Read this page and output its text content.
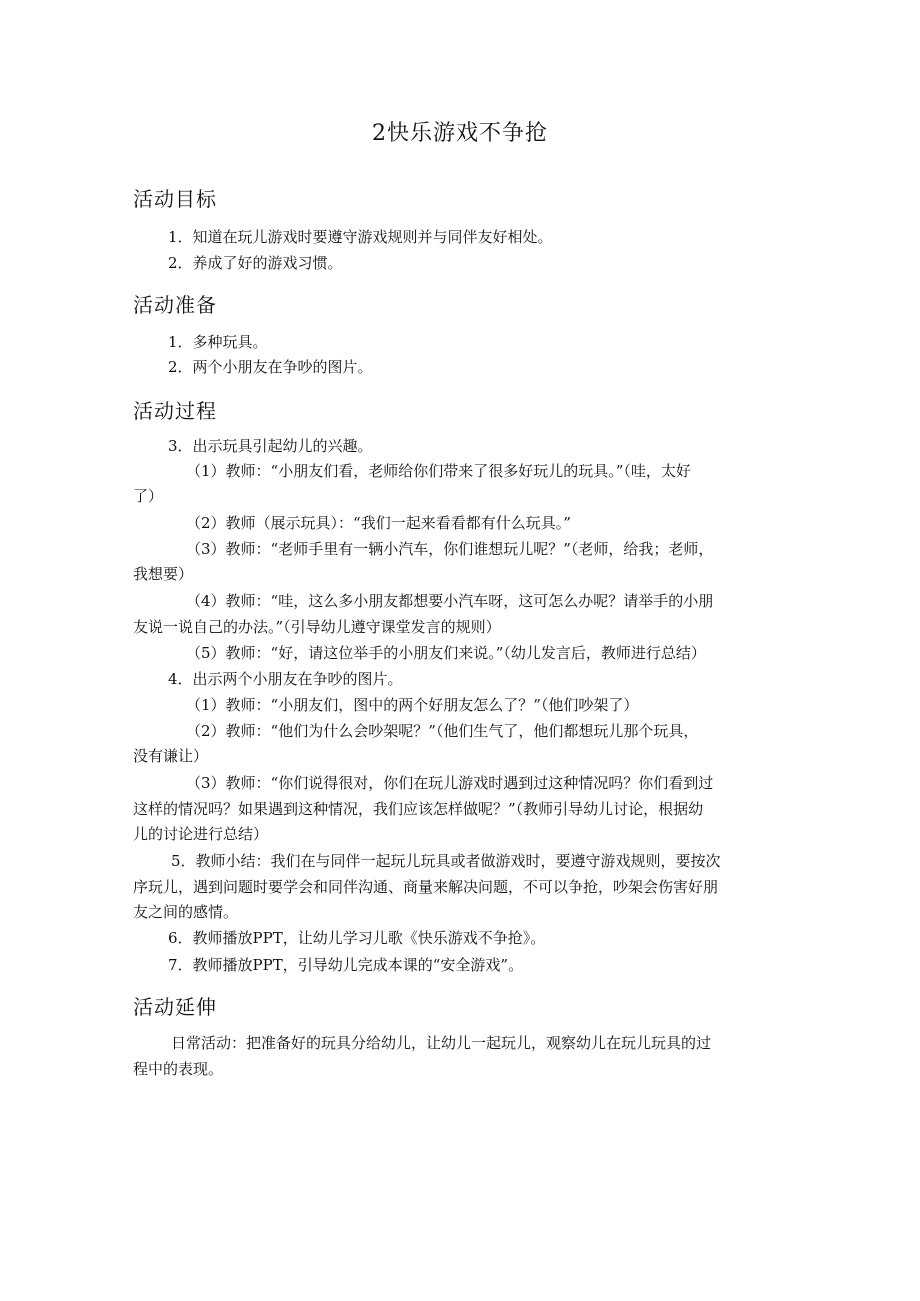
2快乐游戏不争抢
活动目标
1．知道在玩儿游戏时要遵守游戏规则并与同伴友好相处。
2．养成了好的游戏习惯。
活动准备
1．多种玩具。
2．两个小朋友在争吵的图片。
活动过程
3．出示玩具引起幼儿的兴趣。
（1）教师：“小朋友们看，老师给你们带来了很多好玩儿的玩具。”（哇，太好
了）
（2）教师（展示玩具）：“我们一起来看看都有什么玩具。”
（3）教师：“老师手里有一辆小汽车，你们谁想玩儿呢？”（老师，给我；老师，
我想要）
（4）教师：“哇，这么多小朋友都想要小汽车呀，这可怎么办呢？请举手的小朋
友说一说自己的办法。”（引导幼儿遵守课堂发言的规则）
（5）教师：“好，请这位举手的小朋友们来说。”（幼儿发言后，教师进行总结）
4．出示两个小朋友在争吵的图片。
（1）教师：“小朋友们，图中的两个好朋友怎么了？”（他们吵架了）
（2）教师：“他们为什么会吵架呢？”（他们生气了，他们都想玩儿那个玩具，
没有谦让）
（3）教师：“你们说得很对，你们在玩儿游戏时遇到过这种情况吗？你们看到过
这样的情况吗？如果遇到这种情况，我们应该怎样做呢？”（教师引导幼儿讨论，根据幼
儿的讨论进行总结）
5．教师小结：我们在与同伴一起玩儿玩具或者做游戏时，要遵守游戏规则，要按次
序玩儿，遇到问题时要学会和同伴沟通、商量来解决问题，不可以争抢，吵架会伤害好朋
友之间的感情。
6．教师播放PPT，让幼儿学习儿歌《快乐游戏不争抢》。
7．教师播放PPT，引导幼儿完成本课的“安全游戏”。
活动延伸
日常活动：把准备好的玩具分给幼儿，让幼儿一起玩儿，观察幼儿在玩儿玩具的过
程中的表现。
